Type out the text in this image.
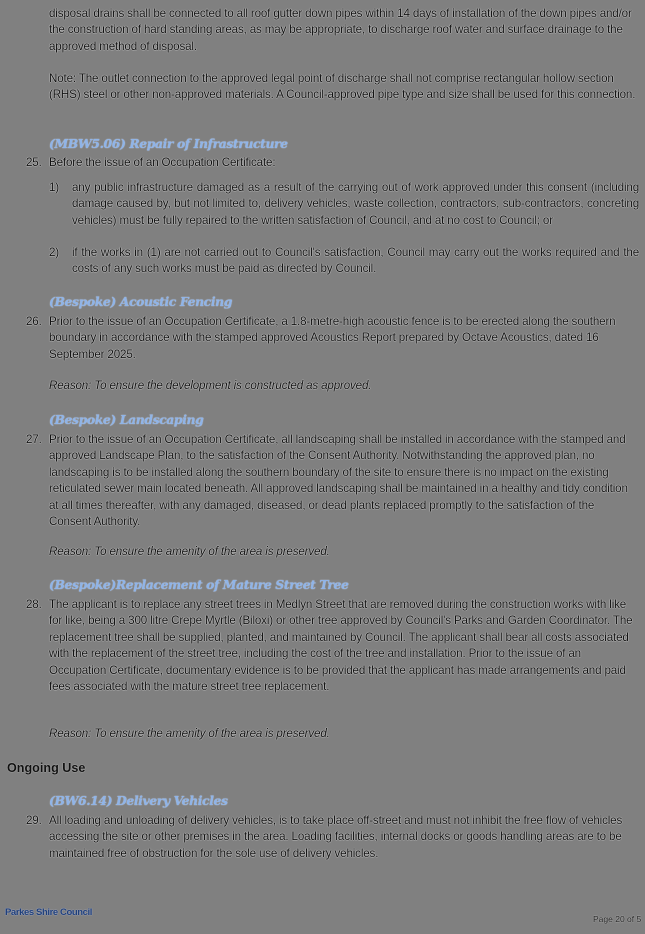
disposal drains shall be connected to all roof gutter down pipes within 14 days of installation of the down pipes and/or the construction of hard standing areas, as may be appropriate, to discharge roof water and surface drainage to the approved method of disposal.
Note: The outlet connection to the approved legal point of discharge shall not comprise rectangular hollow section (RHS) steel or other non-approved materials. A Council-approved pipe type and size shall be used for this connection.
(MBW5.06) Repair of Infrastructure
25. Before the issue of an Occupation Certificate:
1)	any public infrastructure damaged as a result of the carrying out of work approved under this consent (including damage caused by, but not limited to, delivery vehicles, waste collection, contractors, sub-contractors, concreting vehicles) must be fully repaired to the written satisfaction of Council, and at no cost to Council; or
2)	if the works in (1) are not carried out to Council's satisfaction, Council may carry out the works required and the costs of any such works must be paid as directed by Council.
(Bespoke) Acoustic Fencing
26. Prior to the issue of an Occupation Certificate, a 1.8-metre-high acoustic fence is to be erected along the southern boundary in accordance with the stamped approved Acoustics Report prepared by Octave Acoustics, dated 16 September 2025.
Reason: To ensure the development is constructed as approved.
(Bespoke) Landscaping
27. Prior to the issue of an Occupation Certificate, all landscaping shall be installed in accordance with the stamped and approved Landscape Plan, to the satisfaction of the Consent Authority. Notwithstanding the approved plan, no landscaping is to be installed along the southern boundary of the site to ensure there is no impact on the existing reticulated sewer main located beneath. All approved landscaping shall be maintained in a healthy and tidy condition at all times thereafter, with any damaged, diseased, or dead plants replaced promptly to the satisfaction of the Consent Authority.
Reason: To ensure the amenity of the area is preserved.
(Bespoke)Replacement of Mature Street Tree
28. The applicant is to replace any street trees in Medlyn Street that are removed during the construction works with like for like, being a 300 litre Crepe Myrtle (Biloxi) or other tree approved by Council's Parks and Garden Coordinator. The replacement tree shall be supplied, planted, and maintained by Council. The applicant shall bear all costs associated with the replacement of the street tree, including the cost of the tree and installation. Prior to the issue of an Occupation Certificate, documentary evidence is to be provided that the applicant has made arrangements and paid fees associated with the mature street tree replacement.
Reason: To ensure the amenity of the area is preserved.
Ongoing Use
(BW6.14) Delivery Vehicles
29. All loading and unloading of delivery vehicles, is to take place off-street and must not inhibit the free flow of vehicles accessing the site or other premises in the area. Loading facilities, internal docks or goods handling areas are to be maintained free of obstruction for the sole use of delivery vehicles.
Parkes Shire Council
Page 20 of 5
